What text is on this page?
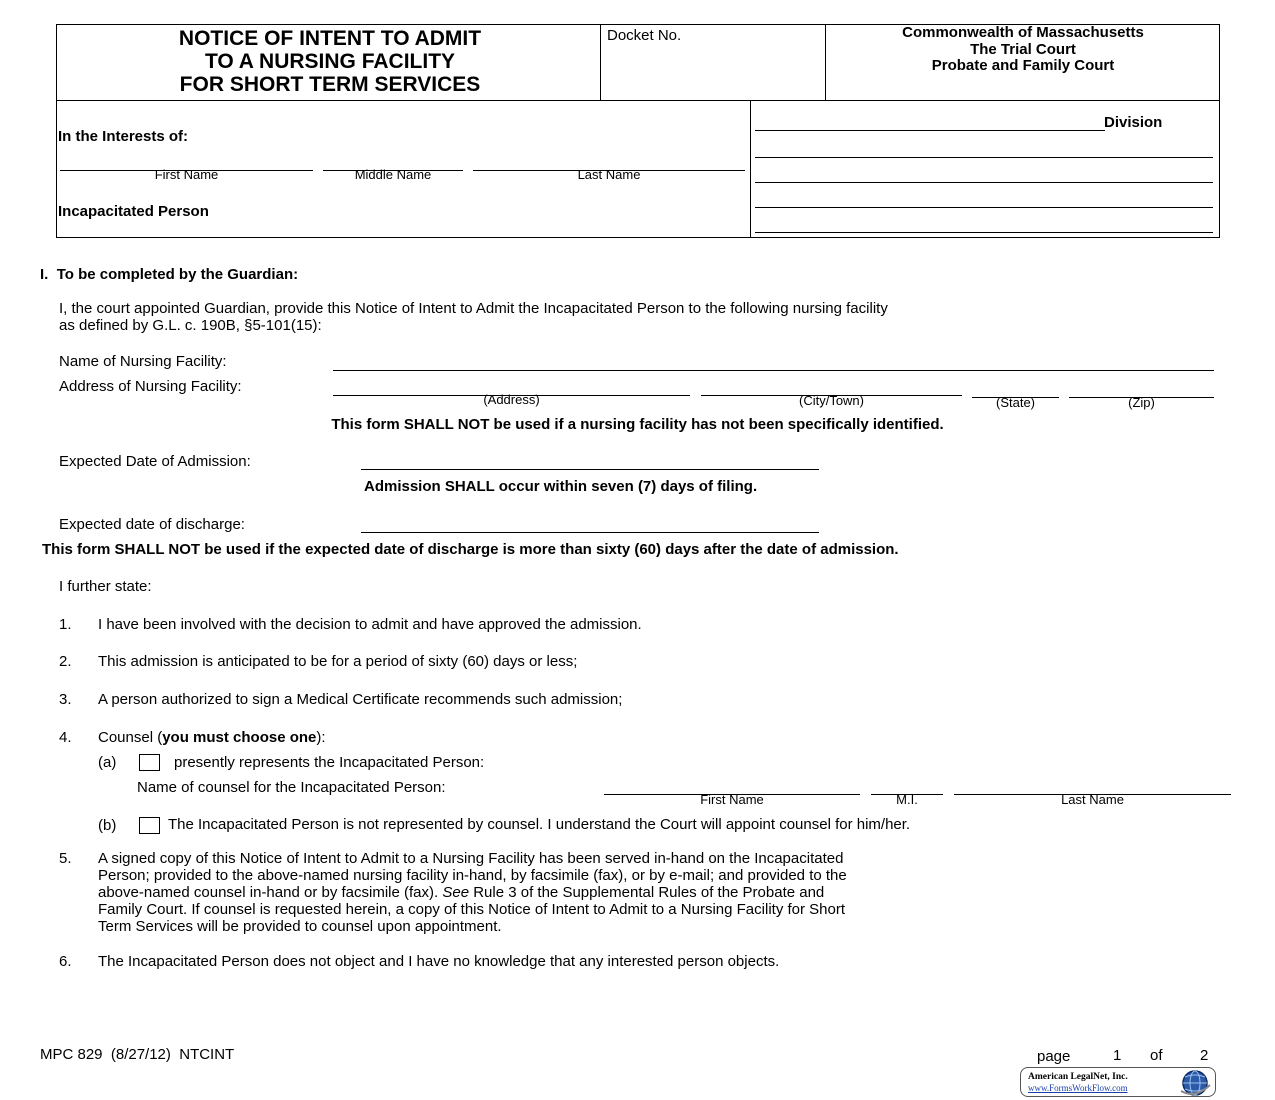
NOTICE OF INTENT TO ADMIT
TO A NURSING FACILITY
FOR SHORT TERM SERVICES
Docket No.	Commonwealth of Massachusetts
The Trial Court
Probate and Family Court
In the Interests of:
First Name	Middle Name	Last Name
Incapacitated Person
Division
I. To be completed by the Guardian:
I, the court appointed Guardian, provide this Notice of Intent to Admit the Incapacitated Person to the following nursing facility
as defined by G.L. c. 190B, §5-101(15):
Name of Nursing Facility:
Address of Nursing Facility:
(Address)	(City/Town)	(State)	(Zip)
This form SHALL NOT be used if a nursing facility has not been specifically identified.
Expected Date of Admission:
Admission SHALL occur within seven (7) days of filing.
Expected date of discharge:
This form SHALL NOT be used if the expected date of discharge is more than sixty (60) days after the date of admission.
I further state:
1. I have been involved with the decision to admit and have approved the admission.
2. This admission is anticipated to be for a period of sixty (60) days or less;
3. A person authorized to sign a Medical Certificate recommends such admission;
4. Counsel (you must choose one):
(a)	presently represents the Incapacitated Person:
Name of counsel for the Incapacitated Person:
First Name	M.I.	Last Name
(b)	The Incapacitated Person is not represented by counsel. I understand the Court will appoint counsel for him/her.
5. A signed copy of this Notice of Intent to Admit to a Nursing Facility has been served in-hand on the Incapacitated
Person; provided to the above-named nursing facility in-hand, by facsimile (fax), or by e-mail; and provided to the
above-named counsel in-hand or by facsimile (fax). See Rule 3 of the Supplemental Rules of the Probate and
Family Court. If counsel is requested herein, a copy of this Notice of Intent to Admit to a Nursing Facility for Short
Term Services will be provided to counsel upon appointment.
6. The Incapacitated Person does not object and I have no knowledge that any interested person objects.
MPC 829  (8/27/12)  NTCINT	page	1 of 2
American LegalNet, Inc.
www.FormsWorkFlow.com
